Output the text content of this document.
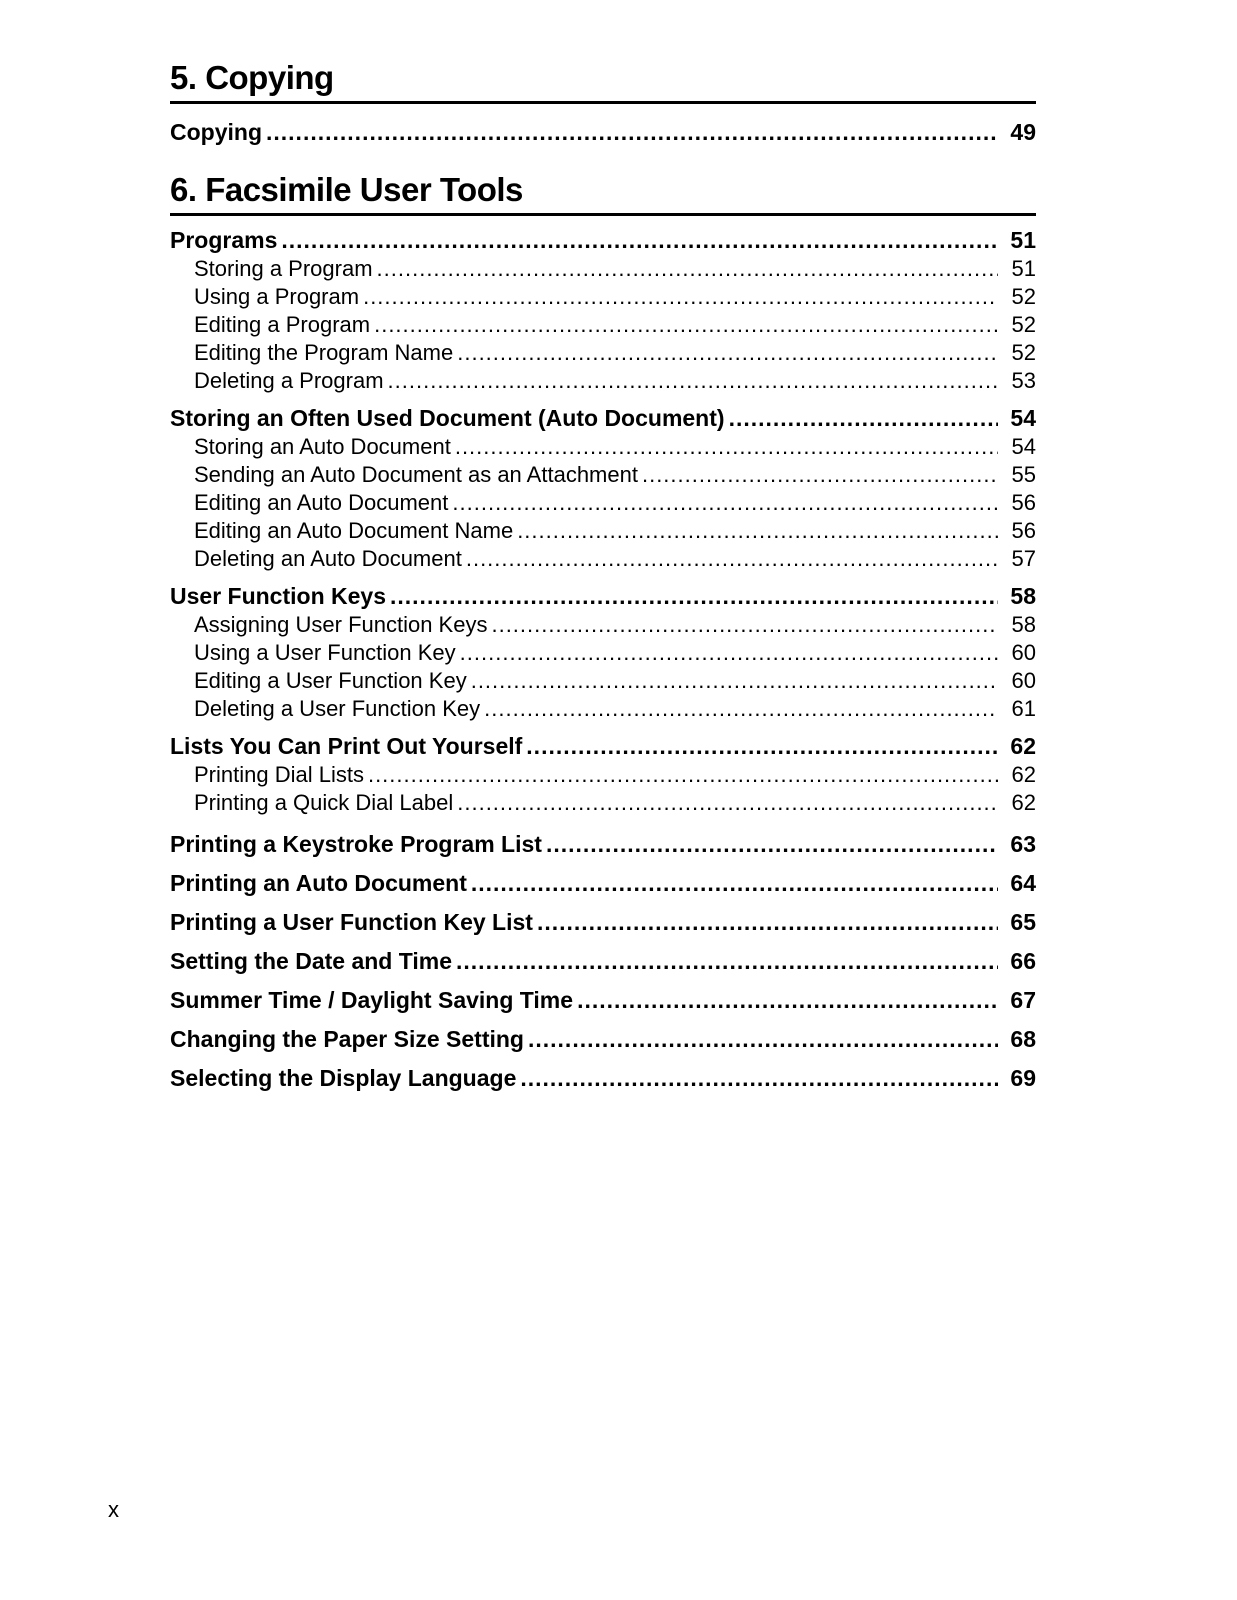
5. Copying
Copying .....	49
6. Facsimile User Tools
Programs .....	51
Storing a Program .....	51
Using a Program .....	52
Editing a Program .....	52
Editing the Program Name .....	52
Deleting a Program .....	53
Storing an Often Used Document (Auto Document) .....	54
Storing an Auto Document .....	54
Sending an Auto Document as an Attachment .....	55
Editing an Auto Document .....	56
Editing an Auto Document Name .....	56
Deleting an Auto Document .....	57
User Function Keys .....	58
Assigning User Function Keys .....	58
Using a User Function Key .....	60
Editing a User Function Key .....	60
Deleting a User Function Key .....	61
Lists You Can Print Out Yourself .....	62
Printing Dial Lists .....	62
Printing a Quick Dial Label .....	62
Printing a Keystroke Program List .....	63
Printing an Auto Document .....	64
Printing a User Function Key List .....	65
Setting the Date and Time .....	66
Summer Time / Daylight Saving Time .....	67
Changing the Paper Size Setting .....	68
Selecting the Display Language .....	69
x
